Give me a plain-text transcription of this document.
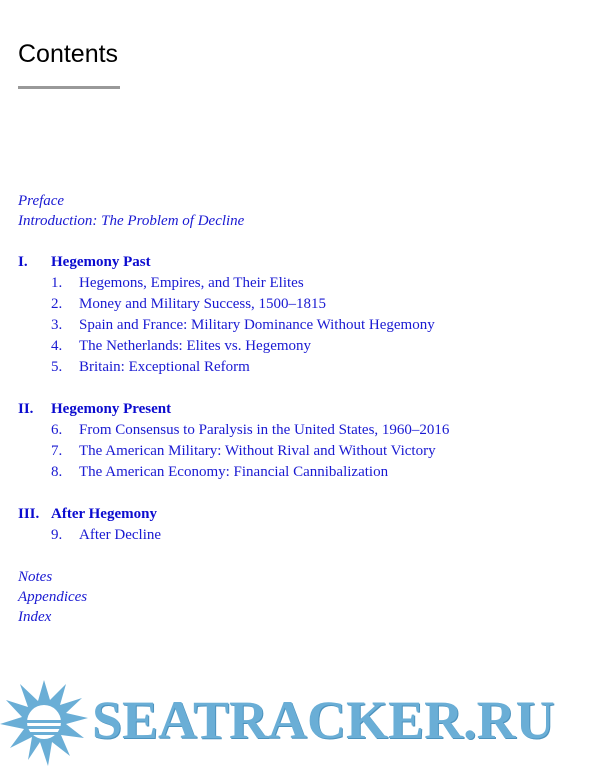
Contents
Preface
Introduction: The Problem of Decline
I.	Hegemony Past
1.	Hegemons, Empires, and Their Elites
2.	Money and Military Success, 1500–1815
3.	Spain and France: Military Dominance Without Hegemony
4.	The Netherlands: Elites vs. Hegemony
5.	Britain: Exceptional Reform
II.	Hegemony Present
6.	From Consensus to Paralysis in the United States, 1960–2016
7.	The American Military: Without Rival and Without Victory
8.	The American Economy: Financial Cannibalization
III. After Hegemony
9.	After Decline
Notes
Appendices
Index
SEATRACKER.RU
